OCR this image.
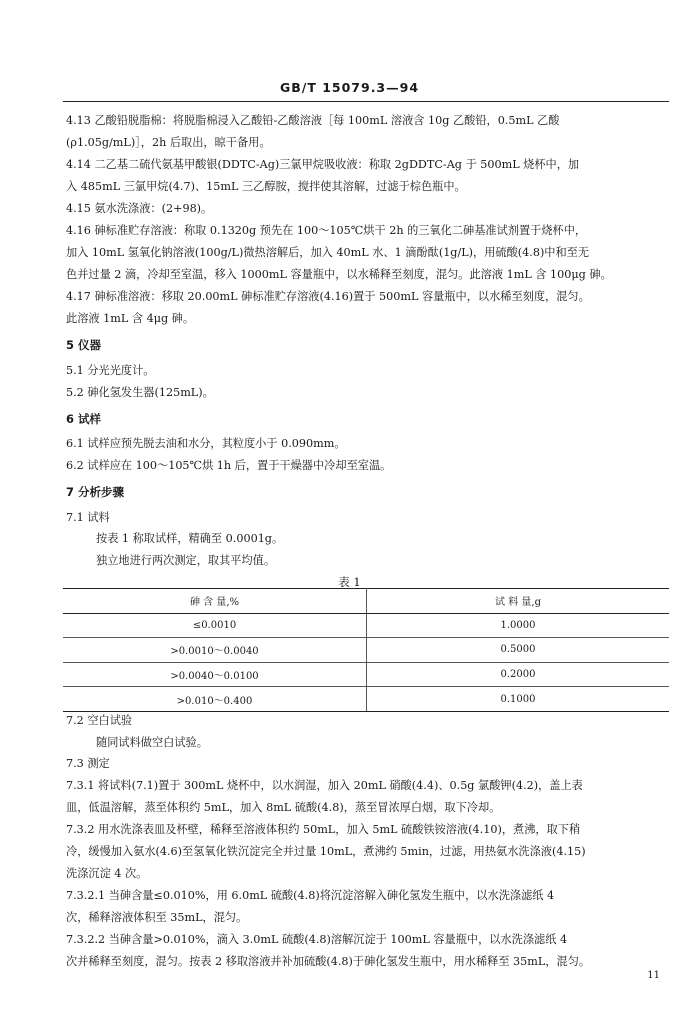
GB/T 15079.3—94
4.13 乙酸铅脱脂棉：将脱脂棉浸入乙酸铅-乙酸溶液［每 100mL 溶液含 10g 乙酸铅，0.5mL 乙酸
(ρ1.05g/mL)］，2h 后取出，晾干备用。
4.14 二乙基二硫代氨基甲酸银(DDTC-Ag)三氯甲烷吸收液：称取 2gDDTC-Ag 于 500mL 烧杯中，加
入 485mL 三氯甲烷(4.7)、15mL 三乙醇胺，搅拌使其溶解，过滤于棕色瓶中。
4.15 氨水洗涤液：(2+98)。
4.16 砷标准贮存溶液：称取 0.1320g 预先在 100～105℃烘干 2h 的三氧化二砷基准试剂置于烧杯中，
加入 10mL 氢氧化钠溶液(100g/L)微热溶解后，加入 40mL 水、1 滴酚酞(1g/L)，用硫酸(4.8)中和至无
色并过量 2 滴，冷却至室温，移入 1000mL 容量瓶中，以水稀释至刻度，混匀。此溶液 1mL 含 100μg 砷。
4.17 砷标准溶液：移取 20.00mL 砷标准贮存溶液(4.16)置于 500mL 容量瓶中，以水稀至刻度，混匀。
此溶液 1mL 含 4μg 砷。
5 仪器
5.1 分光光度计。
5.2 砷化氢发生器(125mL)。
6 试样
6.1 试样应预先脱去油和水分，其粒度小于 0.090mm。
6.2 试样应在 100～105℃烘 1h 后，置于干燥器中冷却至室温。
7 分析步骤
7.1 试料
按表 1 称取试样，精确至 0.0001g。
独立地进行两次测定，取其平均值。
表 1
砷 含 量,%	试 料 量,g
≤0.0010	1.0000
>0.0010～0.0040	0.5000
>0.0040～0.0100	0.2000
>0.010～0.400	0.1000
7.2 空白试验
随同试料做空白试验。
7.3 测定
7.3.1 将试料(7.1)置于 300mL 烧杯中，以水润湿，加入 20mL 硝酸(4.4)、0.5g 氯酸钾(4.2)，盖上表
皿，低温溶解，蒸至体积约 5mL，加入 8mL 硫酸(4.8)，蒸至冒浓厚白烟，取下冷却。
7.3.2 用水洗涤表皿及杯壁，稀释至溶液体积约 50mL，加入 5mL 硫酸铁铵溶液(4.10)，煮沸，取下稍
冷，缓慢加入氨水(4.6)至氢氧化铁沉淀完全并过量 10mL，煮沸约 5min，过滤，用热氨水洗涤液(4.15)
洗涤沉淀 4 次。
7.3.2.1 当砷含量≤0.010%，用 6.0mL 硫酸(4.8)将沉淀溶解入砷化氢发生瓶中，以水洗涤滤纸 4
次，稀释溶液体积至 35mL，混匀。
7.3.2.2 当砷含量>0.010%，滴入 3.0mL 硫酸(4.8)溶解沉淀于 100mL 容量瓶中，以水洗涤滤纸 4
次并稀释至刻度，混匀。按表 2 移取溶液并补加硫酸(4.8)于砷化氢发生瓶中，用水稀释至 35mL，混匀。
11
